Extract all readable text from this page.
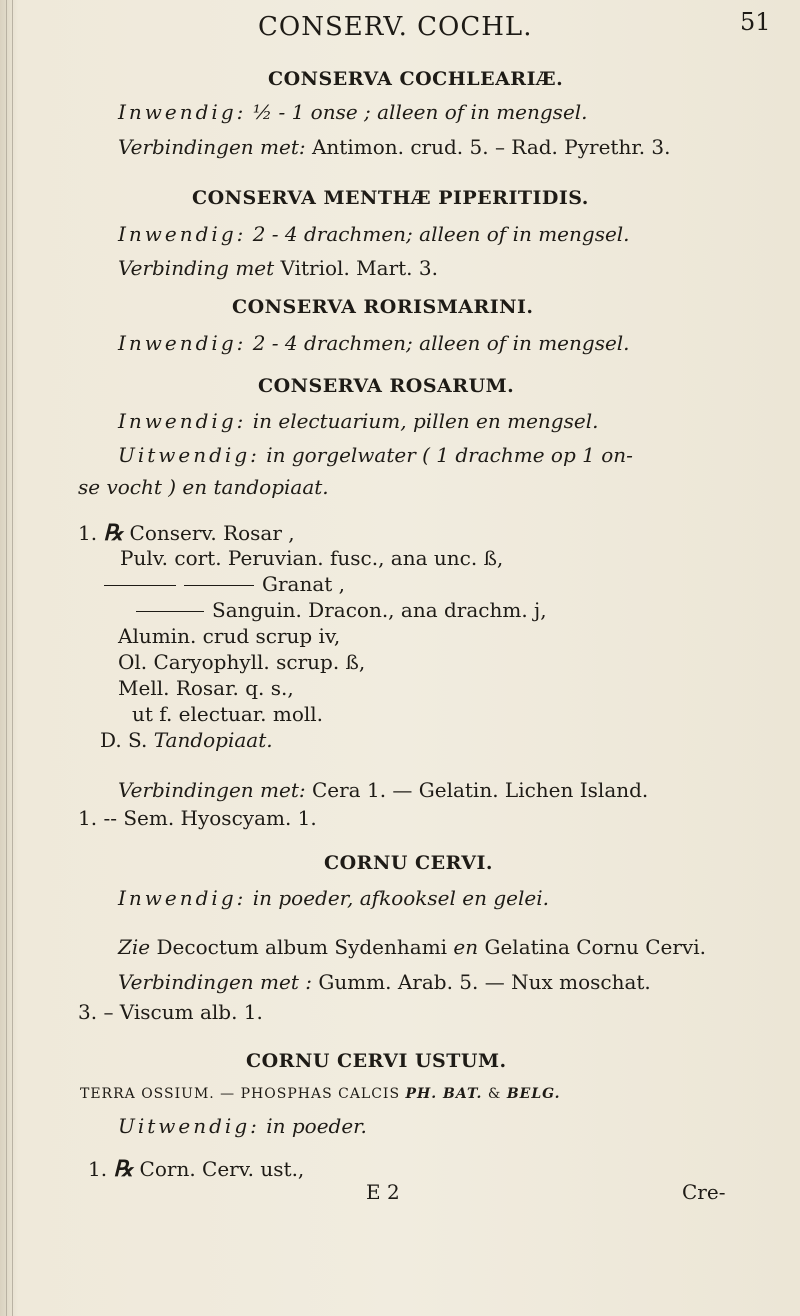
CONSERV. COCHL.	51
CONSERVA COCHLEARIÆ.
Inwendig: ½ - 1 onse ; alleen of in mengsel.
Verbindingen met: Antimon. crud. 5. – Rad. Pyrethr. 3.
CONSERVA MENTHÆ PIPERITIDIS.
Inwendig: 2 - 4 drachmen; alleen of in mengsel.
Verbinding met Vitriol. Mart. 3.
CONSERVA RORISMARINI.
Inwendig: 2 - 4 drachmen; alleen of in mengsel.
CONSERVA ROSARUM.
Inwendig: in electuarium, pillen en mengsel.
Uitwendig: in gorgelwater ( 1 drachme op 1 on-
se vocht ) en tandopiaat.
1. ℞ Conserv. Rosar ,
Pulv. cort. Peruvian. fusc., ana unc. ß,
Granat ,
Sanguin. Dracon., ana drachm. j,
Alumin. crud scrup iv,
Ol. Caryophyll. scrup. ß,
Mell. Rosar. q. s.,
ut f. electuar. moll.
D. S. Tandopiaat.
Verbindingen met: Cera 1. — Gelatin. Lichen Island.
1. -- Sem. Hyoscyam. 1.
CORNU CERVI.
Inwendig: in poeder, afkooksel en gelei.
Zie Decoctum album Sydenhami en Gelatina Cornu Cervi.
Verbindingen met : Gumm. Arab. 5. — Nux moschat.
3. – Viscum alb. 1.
CORNU CERVI USTUM.
TERRA OSSIUM. — PHOSPHAS CALCIS PH. BAT. & BELG.
Uitwendig: in poeder.
1. ℞ Corn. Cerv. ust.,
E 2	Cre-
